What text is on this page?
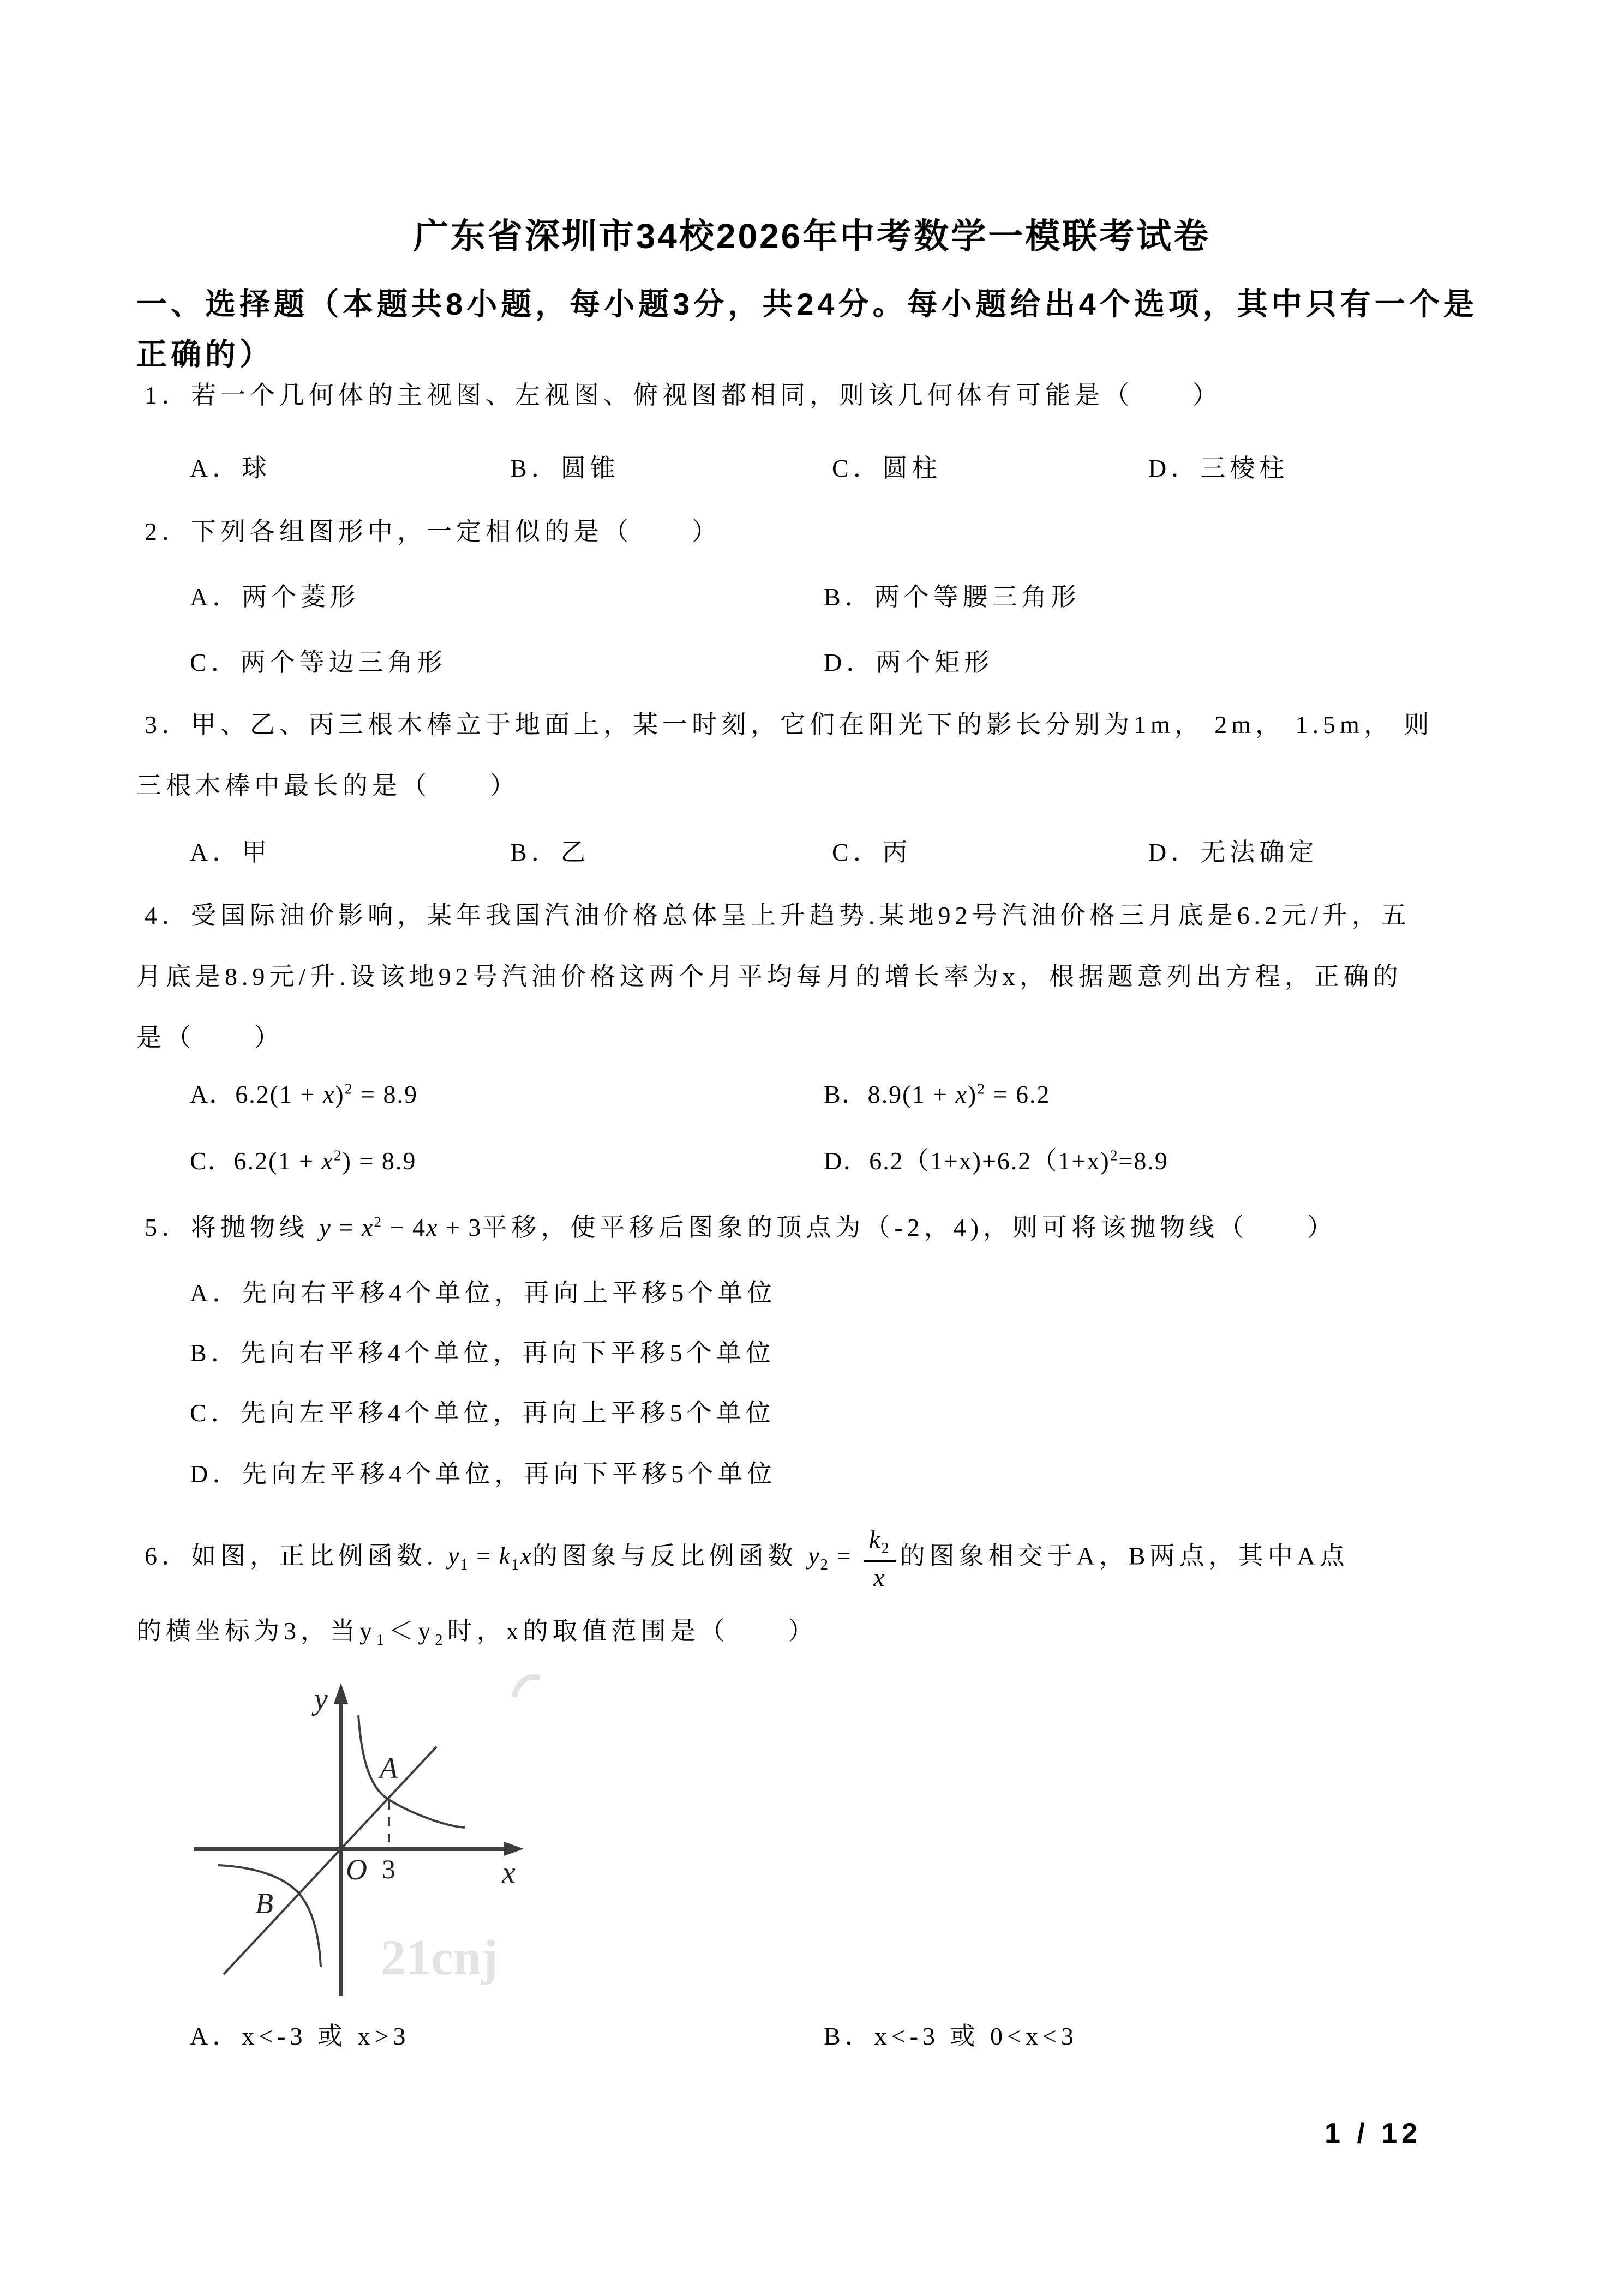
广东省深圳市34校2026年中考数学一模联考试卷
一、选择题（本题共8小题，每小题3分，共24分。每小题给出4个选项，其中只有一个是
正确的）
1．若一个几何体的主视图、左视图、俯视图都相同，则该几何体有可能是（　　）
A．球	B．圆锥	C．圆柱	D．三棱柱
2．下列各组图形中，一定相似的是（　　）
A．两个菱形	B．两个等腰三角形
C．两个等边三角形	D．两个矩形
3．甲、乙、丙三根木棒立于地面上，某一时刻，它们在阳光下的影长分别为1m， 2m， 1.5m， 则
三根木棒中最长的是（　　）
A．甲	B．乙	C．丙	D．无法确定
4．受国际油价影响，某年我国汽油价格总体呈上升趋势.某地92号汽油价格三月底是6.2元/升，五
月底是8.9元/升.设该地92号汽油价格这两个月平均每月的增长率为x，根据题意列出方程，正确的
是（　　）
A．$6.2(1 + x)^2 = 8.9$	B．$8.9(1 + x)^2 = 6.2$
C．$6.2(1 + x^2) = 8.9$	D．6.2（1+x)+6.2（1+x)$^2$=8.9
5．将抛物线 $y = x^2 - 4x + 3$平移，使平移后图象的顶点为（-2，4)，则可将该抛物线（　　）
A．先向右平移4个单位，再向上平移5个单位
B．先向右平移4个单位，再向下平移5个单位
C．先向左平移4个单位，再向上平移5个单位
D．先向左平移4个单位，再向下平移5个单位
6．如图，正比例函数. $y_1 = k_1x$的图象与反比例函数 $y_2 = \frac{k_2}{x}$ 的图象相交于A，B两点，其中A点
的横坐标为3，当$y_1<y_2$时，x的取值范围是（　　）
21cnj
y
x
O 3
A
B
A．x<-3 或 x>3	B．x<-3 或 0<x<3
1 / 12
